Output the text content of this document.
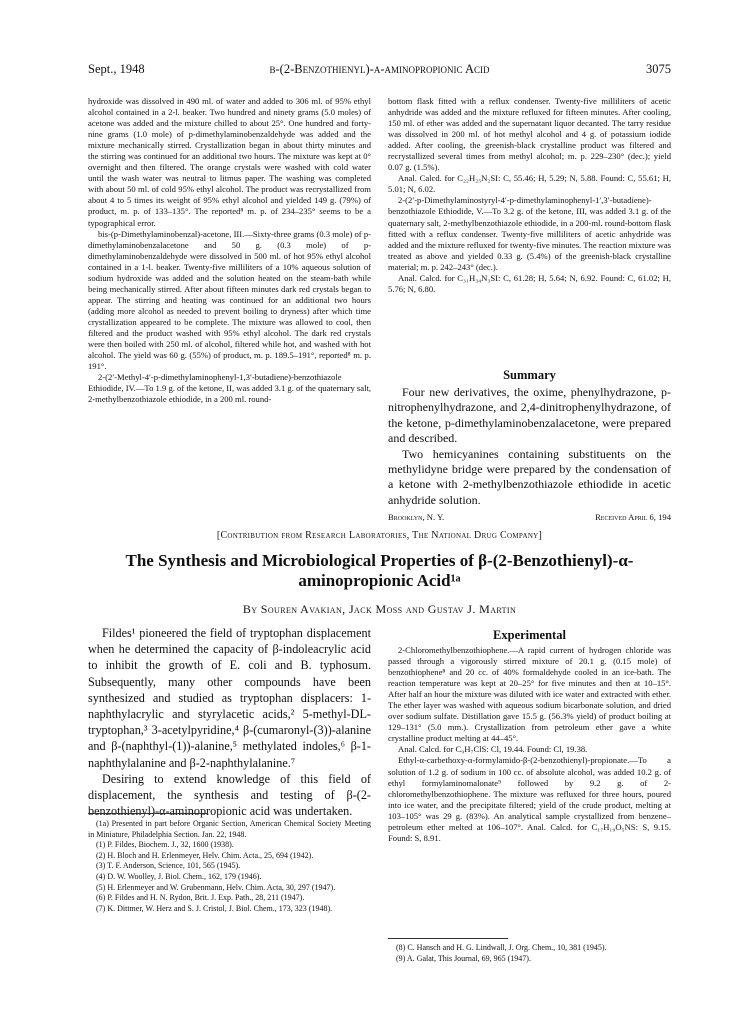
Sept., 1948	β-(2-Benzothienyl)-α-aminopropionic Acid	3075

hydroxide was dissolved in 490 ml. of water and added to 306 ml. of 95% ethyl alcohol contained in a 2-l. beaker. Two hundred and ninety grams (5.0 moles) of acetone was added and the mixture chilled to about 25°. One hundred and forty-nine grams (1.0 mole) of p-dimethylaminobenzaldehyde was added and the mixture mechanically stirred. Crystallization began in about thirty minutes and the stirring was continued for an additional two hours. The mixture was kept at 0° overnight and then filtered. The orange crystals were washed with cold water until the wash water was neutral to litmus paper. The washing was completed with about 50 ml. of cold 95% ethyl alcohol. The product was recrystallized from about 4 to 5 times its weight of 95% ethyl alcohol and yielded 149 g. (79%) of product, m. p. of 133–135°. The reported⁸ m. p. of 234–235° seems to be a typographical error.

bis-(p-Dimethylaminobenzal)-acetone, III.—Sixty-three grams (0.3 mole) of p-dimethylaminobenzalacetone and 50 g. (0.3 mole) of p-dimethylaminobenzaldehyde were dissolved in 500 ml. of hot 95% ethyl alcohol contained in a 1-l. beaker. Twenty-five milliliters of a 10% aqueous solution of sodium hydroxide was added and the solution heated on the steam-bath while being mechanically stirred. After about fifteen minutes dark red crystals began to appear. The stirring and heating was continued for an additional two hours (adding more alcohol as needed to prevent boiling to dryness) after which time crystallization appeared to be complete. The mixture was allowed to cool, then filtered and the product washed with 95% ethyl alcohol. The dark red crystals were then boiled with 250 ml. of alcohol, filtered while hot, and washed with hot alcohol. The yield was 60 g. (55%) of product, m. p. 189.5–191°, reported⁸ m. p. 191°.

2-(2′-Methyl-4′-p-dimethylaminophenyl-1,3′-butadiene)-benzothiazole Ethiodide, IV.—To 1.9 g. of the ketone, II, was added 3.1 g. of the quaternary salt, 2-methylbenzothiazole ethiodide, in a 200 ml. round-

bottom flask fitted with a reflux condenser. Twenty-five milliliters of acetic anhydride was added and the mixture refluxed for fifteen minutes. After cooling, 150 ml. of ether was added and the supernatant liquor decanted. The tarry residue was dissolved in 200 ml. of hot methyl alcohol and 4 g. of potassium iodide added. After cooling, the greenish-black crystalline product was filtered and recrystallized several times from methyl alcohol; m. p. 229–230° (dec.); yield 0.07 g. (1.5%).

Anal. Calcd. for C₂₂H₂₅N₂SI: C, 55.46; H, 5.29; N, 5.88. Found: C, 55.61; H, 5.01; N, 6.02.

2-(2′-p-Dimethylaminostyryl-4′-p-dimethylaminophenyl-1′,3′-butadiene)-benzothiazole Ethiodide, V.—To 3.2 g. of the ketone, III, was added 3.1 g. of the quaternary salt, 2-methylbenzothiazole ethiodide, in a 200-ml. round-bottom flask fitted with a reflux condenser. Twenty-five milliliters of acetic anhydride was added and the mixture refluxed for twenty-five minutes. The reaction mixture was treated as above and yielded 0.33 g. (5.4%) of the greenish-black crystalline material; m. p. 242–243° (dec.).

Anal. Calcd. for C₃₁H₃₄N₃SI: C, 61.28; H, 5.64; N, 6.92. Found: C, 61.02; H, 5.76; N, 6.80.

Summary

Four new derivatives, the oxime, phenylhydrazone, p-nitrophenylhydrazone, and 2,4-dinitrophenylhydrazone, of the ketone, p-dimethylaminobenzalacetone, were prepared and described.

Two hemicyanines containing substituents on the methylidyne bridge were prepared by the condensation of a ketone with 2-methylbenzothiazole ethiodide in acetic anhydride solution.

Brooklyn, N. Y.	Received April 6, 194
[Contribution from Research Laboratories, The National Drug Company]
The Synthesis and Microbiological Properties of β-(2-Benzothienyl)-α-aminopropionic Acid¹ᵃ
By Souren Avakian, Jack Moss and Gustav J. Martin

Fildes¹ pioneered the field of tryptophan displacement when he determined the capacity of β-indoleacrylic acid to inhibit the growth of E. coli and B. typhosum. Subsequently, many other compounds have been synthesized and studied as tryptophan displacers: 1-naphthylacrylic and styrylacetic acids,² 5-methyl-DL-tryptophan,³ 3-acetylpyridine,⁴ β-(cumaronyl-(3))-alanine and β-(naphthyl-(1))-alanine,⁵ methylated indoles,⁶ β-1-naphthylalanine and β-2-naphthylalanine.⁷

Desiring to extend knowledge of this field of displacement, the synthesis and testing of β-(2-benzothienyl)-α-aminopropionic acid was undertaken.

(1a) Presented in part before Organic Section, American Chemical Society Meeting in Miniature, Philadelphia Section. Jan. 22, 1948.

(1) P. Fildes, Biochem. J., 32, 1600 (1938).

(2) H. Bloch and H. Erlenmeyer, Helv. Chim. Acta., 25, 694 (1942).

(3) T. F. Anderson, Science, 101, 565 (1945).

(4) D. W. Woolley, J. Biol. Chem., 162, 179 (1946).

(5) H. Erlenmeyer and W. Grubenmann, Helv. Chim. Acta, 30, 297 (1947).

(6) P. Fildes and H. N. Rydon, Brit. J. Exp. Path., 28, 211 (1947).

(7) K. Dittmer, W. Herz and S. J. Cristol, J. Biol. Chem., 173, 323 (1948).

Experimental

2-Chloromethylbenzothiophene.—A rapid current of hydrogen chloride was passed through a vigorously stirred mixture of 20.1 g. (0.15 mole) of benzothiophene⁸ and 20 cc. of 40% formaldehyde cooled in an ice-bath. The reaction temperature was kept at 20–25° for five minutes and then at 10–15°. After half an hour the mixture was diluted with ice water and extracted with ether. The ether layer was washed with aqueous sodium bicarbonate solution, and dried over sodium sulfate. Distillation gave 15.5 g. (56.3% yield) of product boiling at 129–131° (5.0 mm.). Crystallization from petroleum ether gave a white crystalline product melting at 44–45°.

Anal. Calcd. for C₉H₇ClS: Cl, 19.44. Found: Cl, 19.38.

Ethyl-α-carbethoxy-α-formylamido-β-(2-benzothienyl)-propionate.—To a solution of 1.2 g. of sodium in 100 cc. of absolute alcohol, was added 10.2 g. of ethyl formylaminomalonate⁹ followed by 9.2 g. of 2-chloromethylbenzothiophene. The mixture was refluxed for three hours, poured into ice water, and the precipitate filtered; yield of the crude product, melting at 103–105° was 29 g. (83%). An analytical sample crystallized from benzene–petroleum ether melted at 106–107°. Anal. Calcd. for C₁₇H₁₉O₅NS: S, 9.15. Found: S, 8.91.

(8) C. Hansch and H. G. Lindwall, J. Org. Chem., 10, 381 (1945).

(9) A. Galat, This Journal, 69, 965 (1947).
